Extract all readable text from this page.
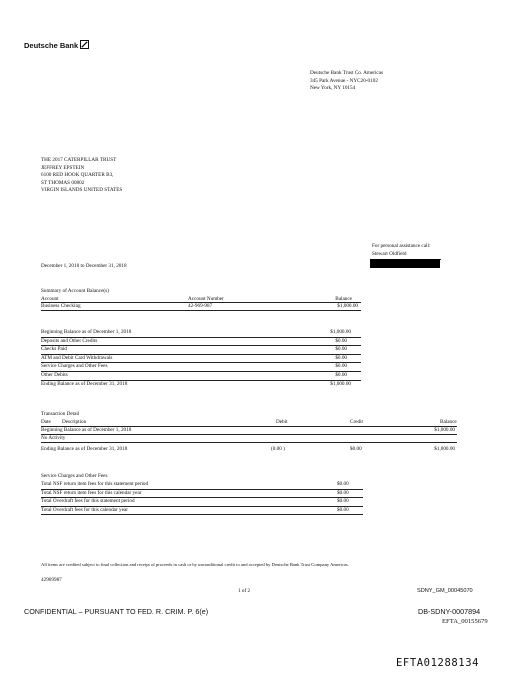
Deutsche Bank
Deutsche Bank Trust Co. Americas
345 Park Avenue - NYC20-0102
New York, NY 10154
THE 2017 CATERPILLAR TRUST
JEFFREY EPSTEIN
6100 RED HOOK QUARTER B3,
ST THOMAS 00802
VIRGIN ISLANDS UNITED STATES
For personal assistance call:
Stewart Oldfield
December 1, 2018 to December 31, 2018
Summary of Account Balance(s)
Account	Account Number	Balance
Business Checking	42-969-987	$1,000.00
Beginning Balance as of December 1, 2018	$1,000.00
Deposits and Other Credits	$0.00
Checks Paid	$0.00
ATM and Debit Card Withdrawals	$0.00
Service Charges and Other Fees	$0.00
Other Debits	$0.00
Ending Balance as of December 31, 2018	$1,000.00
Transaction Detail
Date Description	Debit	Credit	Balance
Beginning Balance as of December 1, 2018	$1,000.00
No Activity
Ending Balance as of December 31, 2018	(0.00 )	$0.00	$1,000.00
Service Charges and Other Fees
Total NSF return item fees for this statement period	$0.00
Total NSF return item fees for this calendar year	$0.00
Total Overdraft fees for this statement period	$0.00
Total Overdraft fees for this calendar year	$0.00
All items are credited subject to final collection and receipt of proceeds in cash or by unconditional credit to and accepted by Deutsche Bank Trust Company Americas.
42969987
1 of 2	SDNY_GM_00045070
CONFIDENTIAL – PURSUANT TO FED. R. CRIM. P. 6(e)	DB-SDNY-0007894
EFTA_00155679
EFTA01288134
